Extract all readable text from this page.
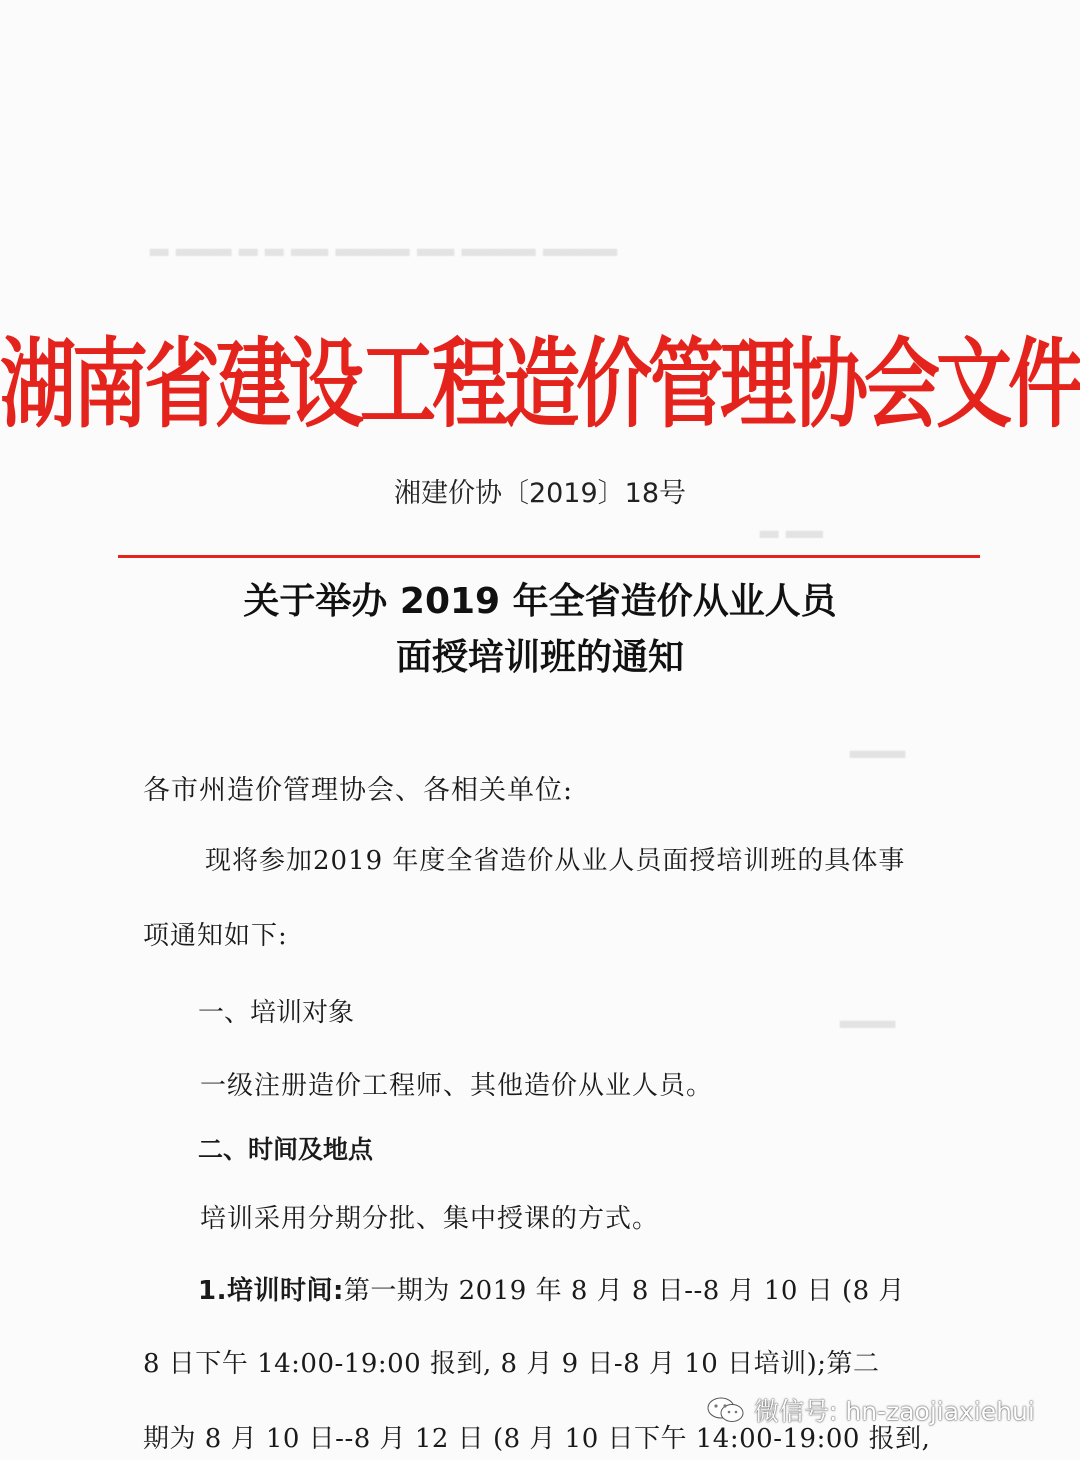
▂ ▂▂▂ ▂ ▂ ▂▂ ▂▂▂▂ ▂▂ ▂▂▂▂ ▂▂▂▂
▂ ▂▂
▂▂▂
▂▂▂
湖南省建设工程造价管理协会文件
湘建价协〔2019〕18号
关于举办 2019 年全省造价从业人员
面授培训班的通知
各市州造价管理协会、各相关单位:
现将参加2019 年度全省造价从业人员面授培训班的具体事
项通知如下:
一、培训对象
一级注册造价工程师、其他造价从业人员。
二、时间及地点
培训采用分期分批、集中授课的方式。
1.培训时间:第一期为 2019 年 8 月 8 日--8 月 10 日 (8 月
8 日下午 14:00-19:00 报到, 8 月 9 日-8 月 10 日培训);第二
期为 8 月 10 日--8 月 12 日 (8 月 10 日下午 14:00-19:00 报到,
微信号: hn-zaojiaxiehui
